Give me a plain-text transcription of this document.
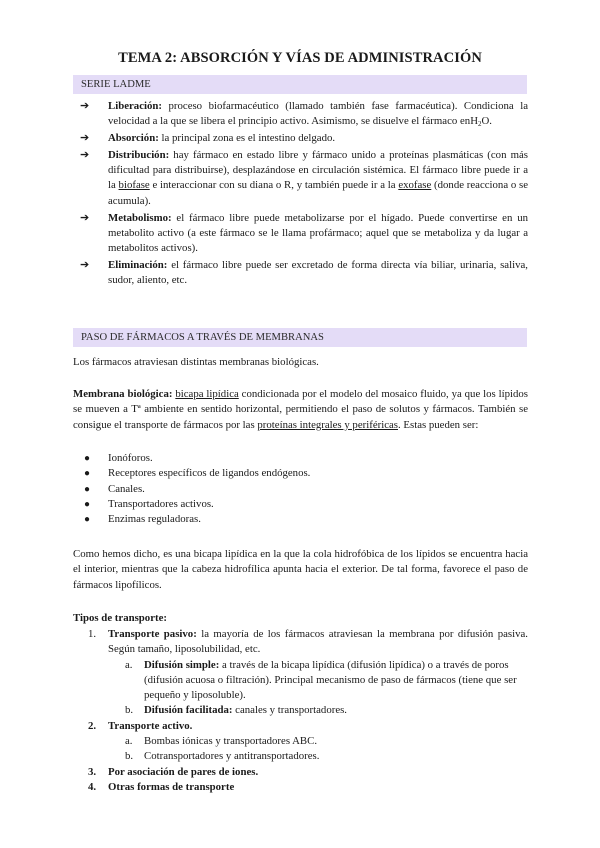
TEMA 2: ABSORCIÓN Y VÍAS DE ADMINISTRACIÓN
SERIE LADME
➔ Liberación: proceso biofarmacéutico (llamado también fase farmacéutica). Condiciona la velocidad a la que se libera el principio activo. Asimismo, se disuelve el fármaco enH$_2$O.
➔ Absorción: la principal zona es el intestino delgado.
➔ Distribución: hay fármaco en estado libre y fármaco unido a proteínas plasmáticas (con más dificultad para distribuirse), desplazándose en circulación sistémica. El fármaco libre puede ir a la biofase e interaccionar con su diana o R, y también puede ir a la exofase (donde reacciona o se acumula).
➔ Metabolismo: el fármaco libre puede metabolizarse por el hígado. Puede convertirse en un metabolito activo (a este fármaco se le llama profármaco; aquel que se metaboliza y da lugar a metabolitos activos).
➔ Eliminación: el fármaco libre puede ser excretado de forma directa vía biliar, urinaria, saliva, sudor, aliento, etc.
PASO DE FÁRMACOS A TRAVÉS DE MEMBRANAS
Los fármacos atraviesan distintas membranas biológicas.
Membrana biológica: bicapa lipídica condicionada por el modelo del mosaico fluido, ya que los lípidos se mueven a Tª ambiente en sentido horizontal, permitiendo el paso de solutos y fármacos. También se consigue el transporte de fármacos por las proteínas integrales y periféricas. Estas pueden ser:
● Ionóforos.
● Receptores específicos de ligandos endógenos.
● Canales.
● Transportadores activos.
● Enzimas reguladoras.
Como hemos dicho, es una bicapa lipídica en la que la cola hidrofóbica de los lípidos se encuentra hacia el interior, mientras que la cabeza hidrofílica apunta hacia el exterior. De tal forma, favorece el paso de fármacos lipofílicos.
Tipos de transporte:
1. Transporte pasivo: la mayoría de los fármacos atraviesan la membrana por difusión pasiva. Según tamaño, liposolubilidad, etc.
a. Difusión simple: a través de la bicapa lipídica (difusión lipídica) o a través de poros (difusión acuosa o filtración). Principal mecanismo de paso de fármacos (tiene que ser pequeño y liposoluble).
b. Difusión facilitada: canales y transportadores.
2. Transporte activo.
a. Bombas iónicas y transportadores ABC.
b. Cotransportadores y antitransportadores.
3. Por asociación de pares de iones.
4. Otras formas de transporte
